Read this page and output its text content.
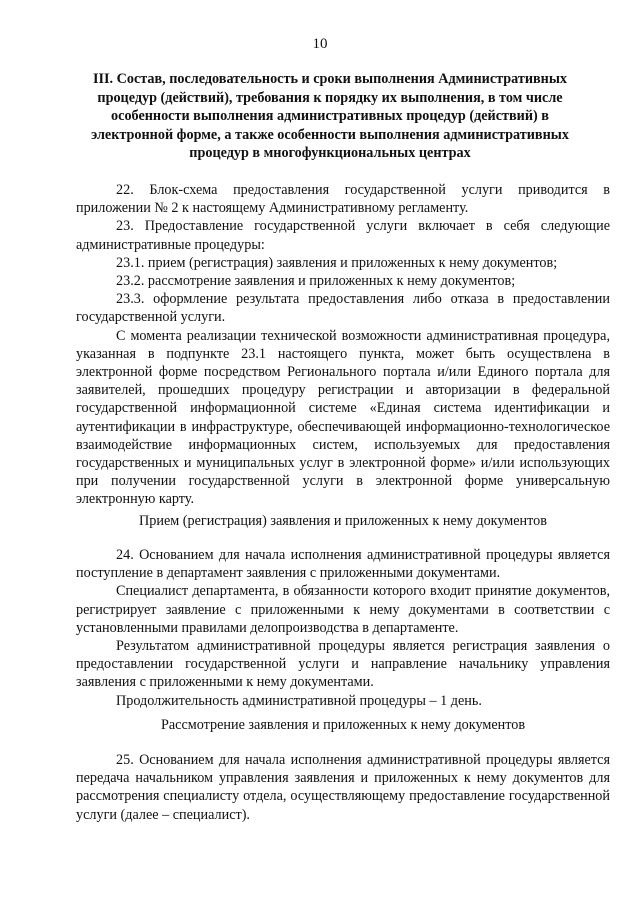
10

III. Состав, последовательность и сроки выполнения Административных процедур (действий), требования к порядку их выполнения, в том числе особенности выполнения административных процедур (действий) в электронной форме, а также особенности выполнения административных процедур в многофункциональных центрах

22. Блок-схема предоставления государственной услуги приводится в приложении № 2 к настоящему Административному регламенту.

23. Предоставление государственной услуги включает в себя следующие административные процедуры:

23.1. прием (регистрация) заявления и приложенных к нему документов;

23.2. рассмотрение заявления и приложенных к нему документов;

23.3. оформление результата предоставления либо отказа в предоставлении государственной услуги.

С момента реализации технической возможности административная процедура, указанная в подпункте 23.1 настоящего пункта, может быть осуществлена в электронной форме посредством Регионального портала и/или Единого портала для заявителей, прошедших процедуру регистрации и авторизации в федеральной государственной информационной системе «Единая система идентификации и аутентификации в инфраструктуре, обеспечивающей информационно-технологическое взаимодействие информационных систем, используемых для предоставления государственных и муниципальных услуг в электронной форме» и/или использующих при получении государственной услуги в электронной форме универсальную электронную карту.

Прием (регистрация) заявления и приложенных к нему документов

24. Основанием для начала исполнения административной процедуры является поступление в департамент заявления с приложенными документами.

Специалист департамента, в обязанности которого входит принятие документов, регистрирует заявление с приложенными к нему документами в соответствии с установленными правилами делопроизводства в департаменте.

Результатом административной процедуры является регистрация заявления о предоставлении государственной услуги и направление начальнику управления заявления с приложенными к нему документами.

Продолжительность административной процедуры – 1 день.

Рассмотрение заявления и приложенных к нему документов

25. Основанием для начала исполнения административной процедуры является передача начальником управления заявления и приложенных к нему документов для рассмотрения специалисту отдела, осуществляющему предоставление государственной услуги (далее – специалист).
